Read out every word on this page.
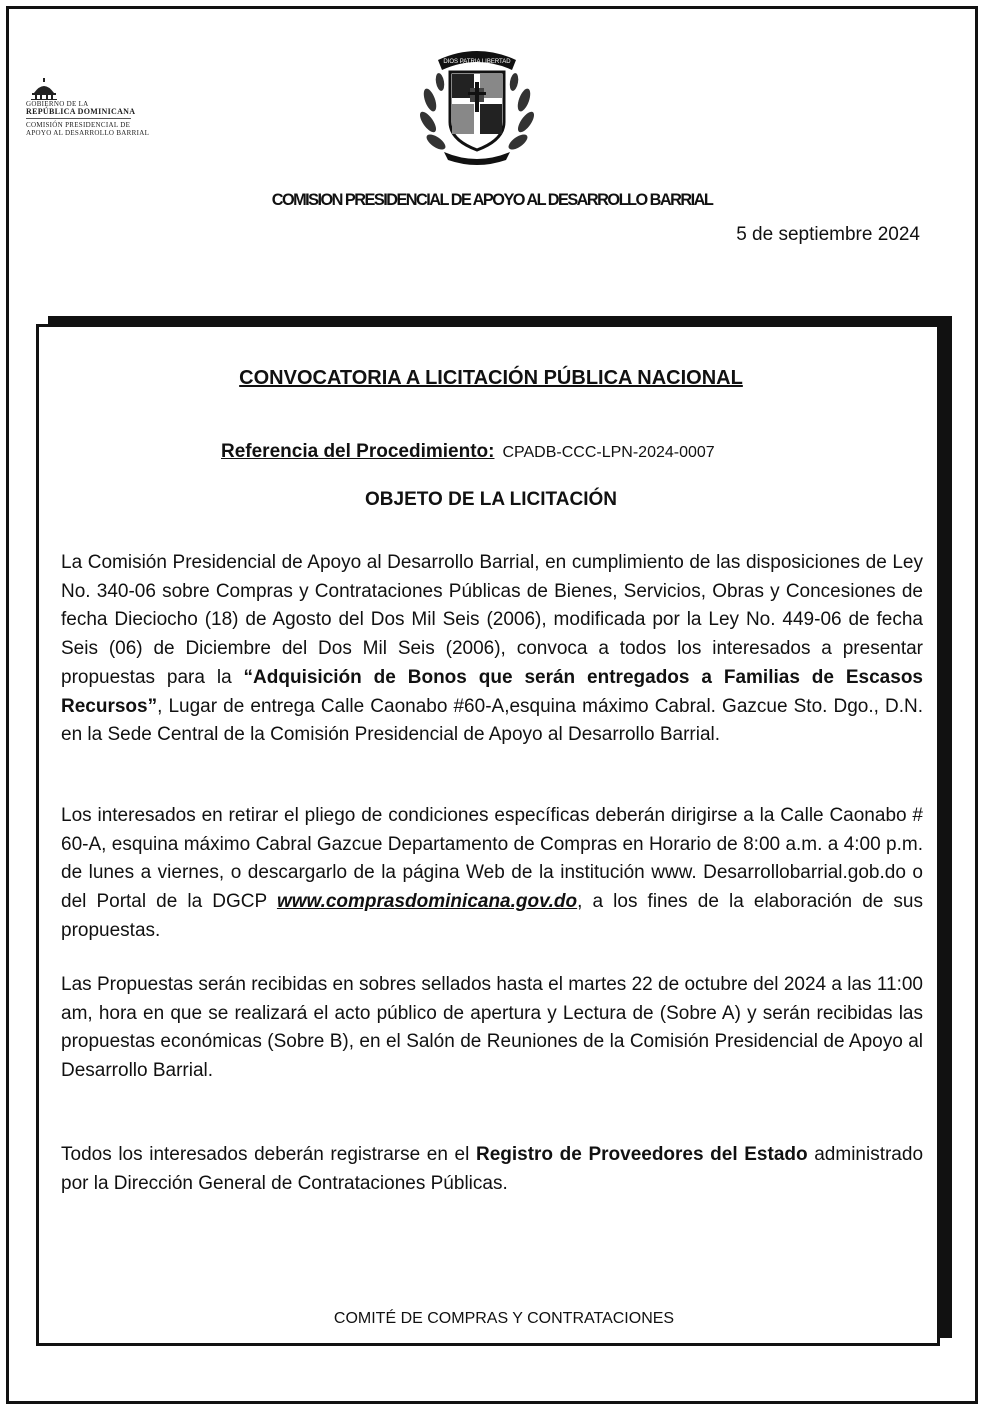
GOBIERNO DE LA
REPÚBLICA DOMINICANA
COMISIÓN PRESIDENCIAL DE
APOYO AL DESARROLLO BARRIAL
DIOS PATRIA LIBERTAD
COMISION PRESIDENCIAL DE APOYO AL DESARROLLO BARRIAL
5 de septiembre 2024
CONVOCATORIA A LICITACIÓN PÚBLICA NACIONAL
Referencia del Procedimiento: CPADB-CCC-LPN-2024-0007
OBJETO DE LA LICITACIÓN
La Comisión Presidencial de Apoyo al Desarrollo Barrial, en cumplimiento de las disposiciones de Ley No. 340-06 sobre Compras y Contrataciones Públicas de Bienes, Servicios, Obras y Concesiones de fecha Dieciocho (18) de Agosto del Dos Mil Seis (2006), modificada por la Ley No. 449-06 de fecha Seis (06) de Diciembre del Dos Mil Seis (2006), convoca a todos los interesados a presentar propuestas para la “Adquisición de Bonos que serán entregados a Familias de Escasos Recursos”, Lugar de entrega Calle Caonabo #60-A,esquina máximo Cabral. Gazcue Sto. Dgo., D.N. en la Sede Central de la Comisión Presidencial de Apoyo al Desarrollo Barrial.
Los interesados en retirar el pliego de condiciones específicas deberán dirigirse a la Calle Caonabo # 60-A, esquina máximo Cabral Gazcue Departamento de Compras en Horario de 8:00 a.m. a 4:00 p.m. de lunes a viernes, o descargarlo de la página Web de la institución www. Desarrollobarrial.gob.do o del Portal de la DGCP www.comprasdominicana.gov.do, a los fines de la elaboración de sus propuestas.
Las Propuestas serán recibidas en sobres sellados hasta el martes 22 de octubre del 2024 a las 11:00 am, hora en que se realizará el acto público de apertura y Lectura de (Sobre A) y serán recibidas las propuestas económicas (Sobre B), en el Salón de Reuniones de la Comisión Presidencial de Apoyo al Desarrollo Barrial.
Todos los interesados deberán registrarse en el Registro de Proveedores del Estado administrado por la Dirección General de Contrataciones Públicas.
COMITÉ DE COMPRAS Y CONTRATACIONES
